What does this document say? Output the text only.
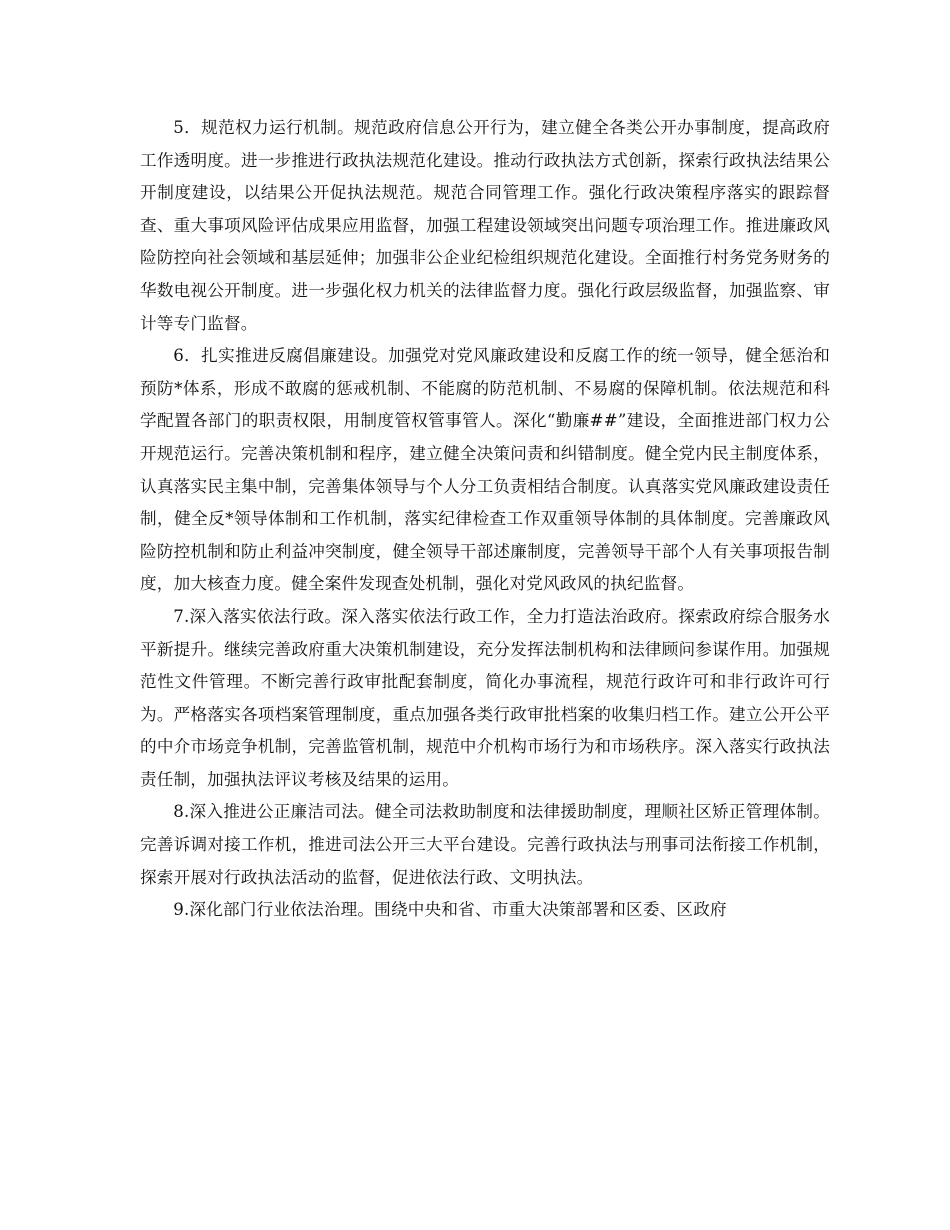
5．规范权力运行机制。规范政府信息公开行为，建立健全各类公开办事制度，提高政府工作透明度。进一步推进行政执法规范化建设。推动行政执法方式创新，探索行政执法结果公开制度建设，以结果公开促执法规范。规范合同管理工作。强化行政决策程序落实的跟踪督查、重大事项风险评估成果应用监督，加强工程建设领域突出问题专项治理工作。推进廉政风险防控向社会领域和基层延伸；加强非公企业纪检组织规范化建设。全面推行村务党务财务的华数电视公开制度。进一步强化权力机关的法律监督力度。强化行政层级监督，加强监察、审计等专门监督。

6．扎实推进反腐倡廉建设。加强党对党风廉政建设和反腐工作的统一领导，健全惩治和预防*体系，形成不敢腐的惩戒机制、不能腐的防范机制、不易腐的保障机制。依法规范和科学配置各部门的职责权限，用制度管权管事管人。深化“勤廉##”建设，全面推进部门权力公开规范运行。完善决策机制和程序，建立健全决策问责和纠错制度。健全党内民主制度体系，认真落实民主集中制，完善集体领导与个人分工负责相结合制度。认真落实党风廉政建设责任制，健全反*领导体制和工作机制，落实纪律检查工作双重领导体制的具体制度。完善廉政风险防控机制和防止利益冲突制度，健全领导干部述廉制度，完善领导干部个人有关事项报告制度，加大核查力度。健全案件发现查处机制，强化对党风政风的执纪监督。

7.深入落实依法行政。深入落实依法行政工作，全力打造法治政府。探索政府综合服务水平新提升。继续完善政府重大决策机制建设，充分发挥法制机构和法律顾问参谋作用。加强规范性文件管理。不断完善行政审批配套制度，简化办事流程，规范行政许可和非行政许可行为。严格落实各项档案管理制度，重点加强各类行政审批档案的收集归档工作。建立公开公平的中介市场竞争机制，完善监管机制，规范中介机构市场行为和市场秩序。深入落实行政执法责任制，加强执法评议考核及结果的运用。

8.深入推进公正廉洁司法。健全司法救助制度和法律援助制度，理顺社区矫正管理体制。完善诉调对接工作机，推进司法公开三大平台建设。完善行政执法与刑事司法衔接工作机制，探索开展对行政执法活动的监督，促进依法行政、文明执法。

9.深化部门行业依法治理。围绕中央和省、市重大决策部署和区委、区政府
